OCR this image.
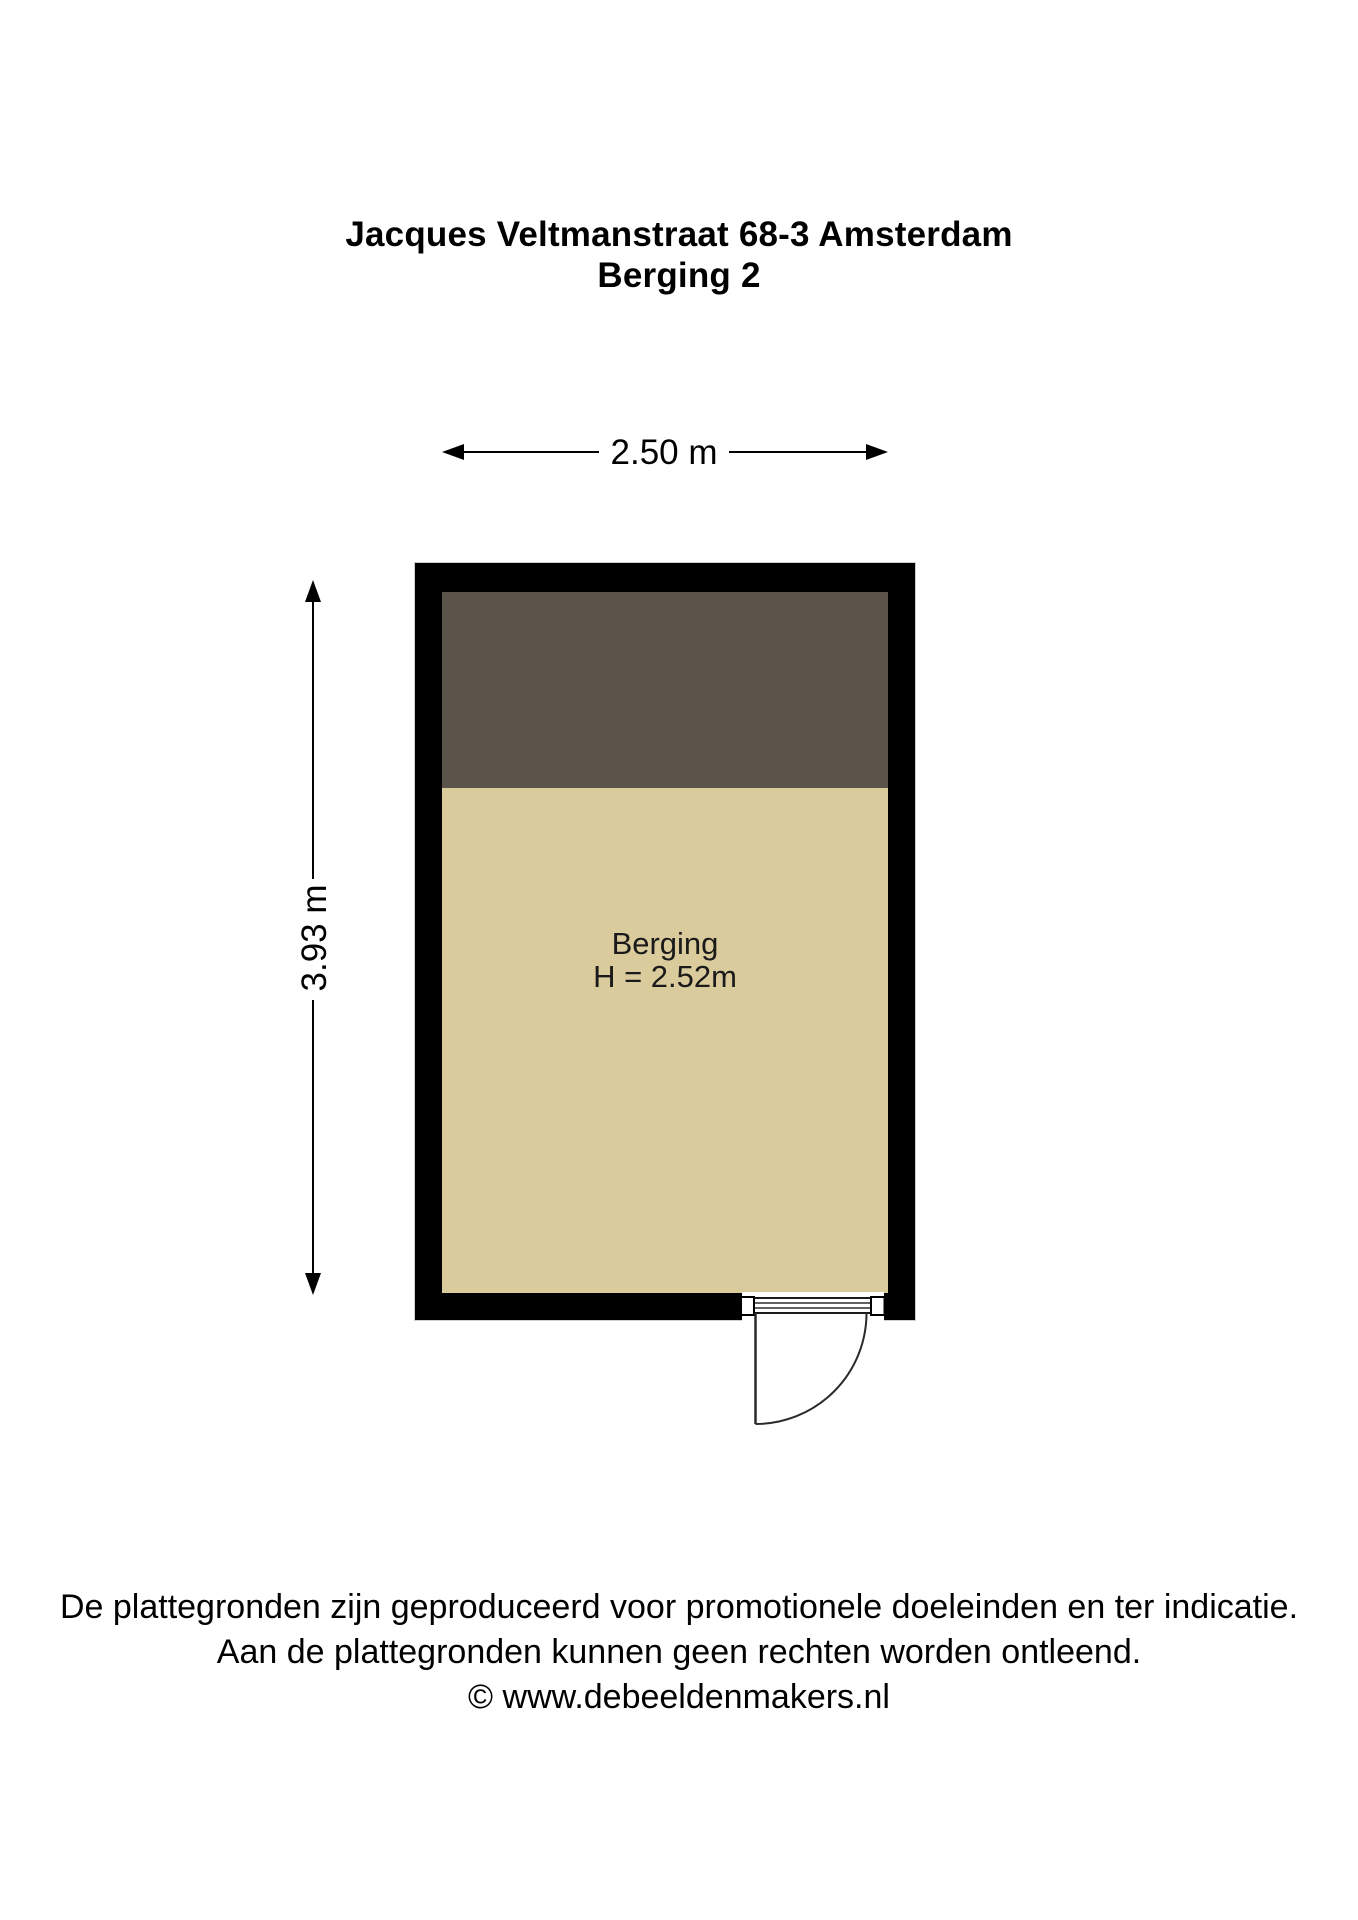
Jacques Veltmanstraat 68-3 Amsterdam
Berging 2
Berging
H = 2.52m
2.50 m
3.93 m
De plattegronden zijn geproduceerd voor promotionele doeleinden en ter indicatie.
Aan de plattegronden kunnen geen rechten worden ontleend.
© www.debeeldenmakers.nl
